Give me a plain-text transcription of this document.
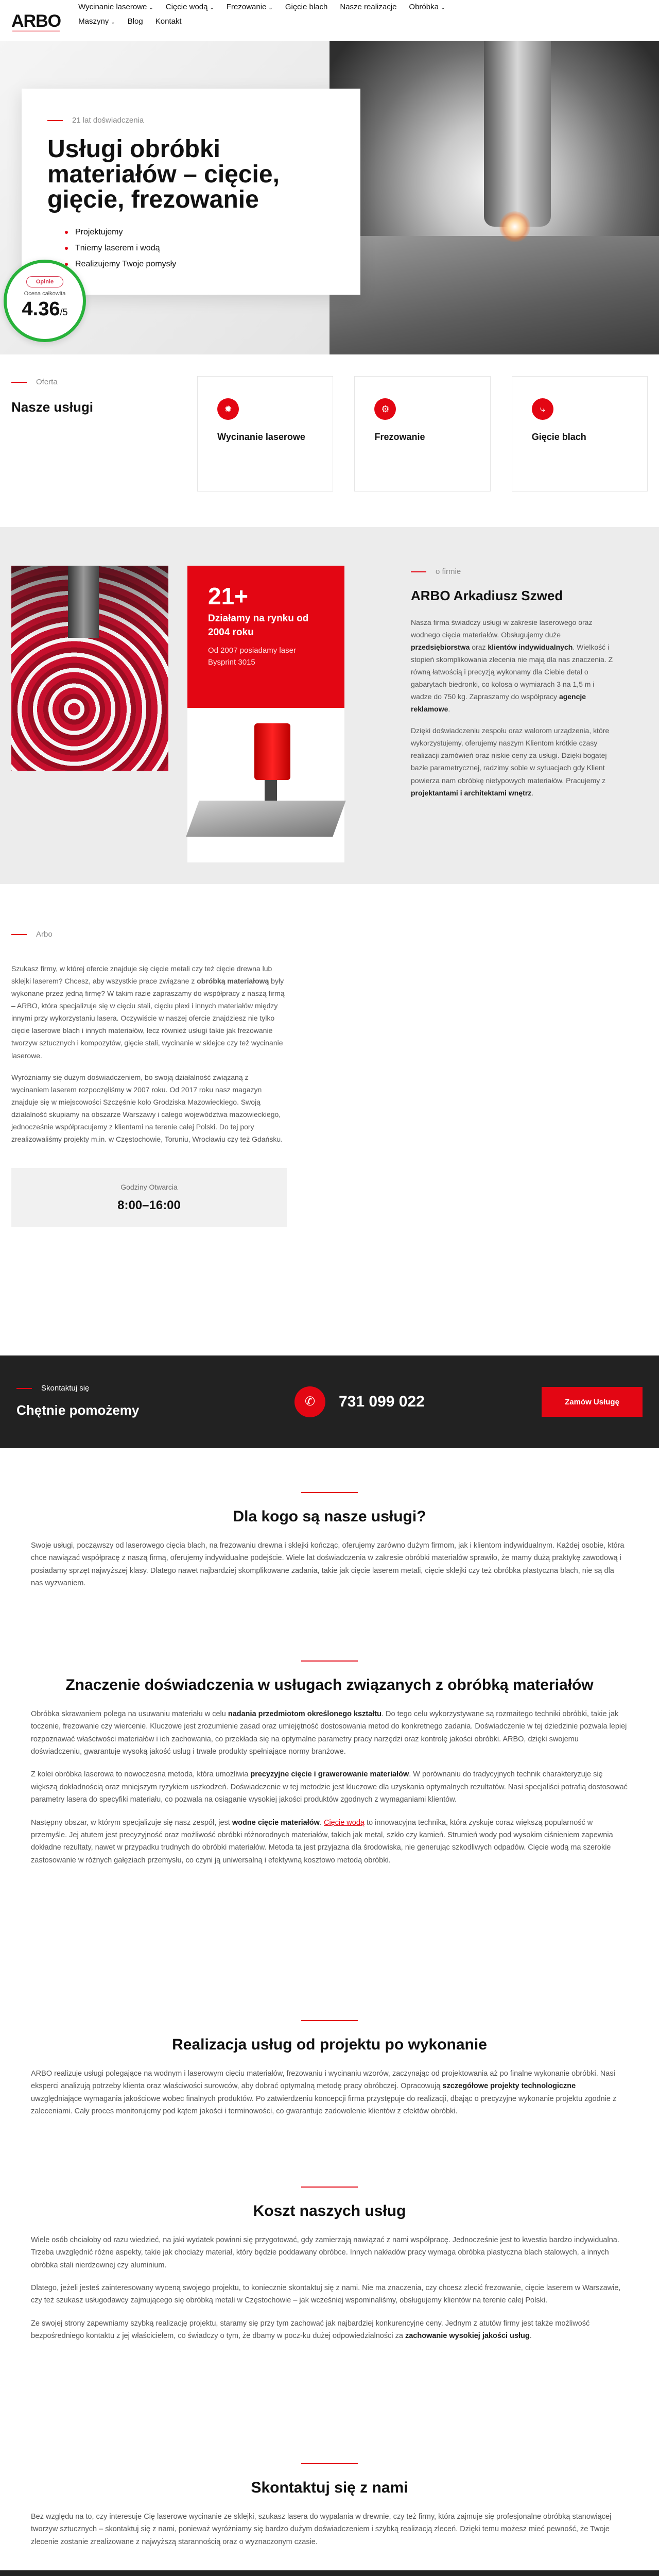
ARBO
Wycinanie laserowe ⌄	Cięcie wodą ⌄	Frezowanie ⌄	Gięcie blach	Nasze realizacje	Obróbka ⌄
Maszyny ⌄	Blog	Kontakt
21 lat doświadczenia
Usługi obróbki materiałów – cięcie, gięcie, frezowanie
Projektujemy
Tniemy laserem i wodą
Realizujemy Twoje pomysły
Opinie
Ocena całkowita
4.36/5
Oferta
Nasze usługi	✹
Wycinanie laserowe
⚙
Frezowanie
⤷
Gięcie blach
21+
Działamy na rynku od 2004 roku
Od 2007 posiadamy laser Bysprint 3015
o firmie
ARBO Arkadiusz Szwed

Nasza firma świadczy usługi w zakresie laserowego oraz wodnego cięcia materiałów. Obsługujemy duże przedsiębiorstwa oraz klientów indywidualnych. Wielkość i stopień skomplikowania zlecenia nie mają dla nas znaczenia. Z równą łatwością i precyzją wykonamy dla Ciebie detal o gabarytach biedronki, co kolosa o wymiarach 3 na 1,5 m i wadze do 750 kg. Zapraszamy do współpracy agencje reklamowe.

Dzięki doświadczeniu zespołu oraz walorom urządzenia, które wykorzystujemy, oferujemy naszym Klientom krótkie czasy realizacji zamówień oraz niskie ceny za usługi. Dzięki bogatej bazie parametrycznej, radzimy sobie w sytuacjach gdy Klient powierza nam obróbkę nietypowych materiałów. Pracujemy z projektantami i architektami wnętrz.

Arbo

Szukasz firmy, w której ofercie znajduje się cięcie metali czy też cięcie drewna lub sklejki laserem? Chcesz, aby wszystkie prace związane z obróbką materiałową były wykonane przez jedną firmę? W takim razie zapraszamy do współpracy z naszą firmą – ARBO, która specjalizuje się w cięciu stali, cięciu plexi i innych materiałów między innymi przy wykorzystaniu lasera. Oczywiście w naszej ofercie znajdziesz nie tylko cięcie laserowe blach i innych materiałów, lecz również usługi takie jak frezowanie tworzyw sztucznych i kompozytów, gięcie stali, wycinanie w sklejce czy też wycinanie laserowe.

Wyróżniamy się dużym doświadczeniem, bo swoją działalność związaną z wycinaniem laserem rozpoczęliśmy w 2007 roku. Od 2017 roku nasz magazyn znajduje się w miejscowości Szczęśnie koło Grodziska Mazowieckiego. Swoją działalność skupiamy na obszarze Warszawy i całego województwa mazowieckiego, jednocześnie współpracujemy z klientami na terenie całej Polski. Do tej pory zrealizowaliśmy projekty m.in. w Częstochowie, Toruniu, Wrocławiu czy też Gdańsku.

Godziny Otwarcia
8:00–16:00
Skontaktuj się
Chętnie pomożemy
✆	731 099 022	Zamów Usługę
Dla kogo są nasze usługi?

Swoje usługi, począwszy od laserowego cięcia blach, na frezowaniu drewna i sklejki kończąc, oferujemy zarówno dużym firmom, jak i klientom indywidualnym. Każdej osobie, która chce nawiązać współpracę z naszą firmą, oferujemy indywidualne podejście. Wiele lat doświadczenia w zakresie obróbki materiałów sprawiło, że mamy dużą praktykę zawodową i posiadamy sprzęt najwyższej klasy. Dlatego nawet najbardziej skomplikowane zadania, takie jak cięcie laserem metali, cięcie sklejki czy też obróbka plastyczna blach, nie są dla nas wyzwaniem.

Znaczenie doświadczenia w usługach związanych z obróbką materiałów

Obróbka skrawaniem polega na usuwaniu materiału w celu nadania przedmiotom określonego kształtu. Do tego celu wykorzystywane są rozmaitego techniki obróbki, takie jak toczenie, frezowanie czy wiercenie. Kluczowe jest zrozumienie zasad oraz umiejętność dostosowania metod do konkretnego zadania. Doświadczenie w tej dziedzinie pozwala lepiej rozpoznawać właściwości materiałów i ich zachowania, co przekłada się na optymalne parametry pracy narzędzi oraz kontrolę jakości obróbki. ARBO, dzięki swojemu doświadczeniu, gwarantuje wysoką jakość usług i trwałe produkty spełniające normy branżowe.

Z kolei obróbka laserowa to nowoczesna metoda, która umożliwia precyzyjne cięcie i grawerowanie materiałów. W porównaniu do tradycyjnych technik charakteryzuje się większą dokładnością oraz mniejszym ryzykiem uszkodzeń. Doświadczenie w tej metodzie jest kluczowe dla uzyskania optymalnych rezultatów. Nasi specjaliści potrafią dostosować parametry lasera do specyfiki materiału, co pozwala na osiąganie wysokiej jakości produktów zgodnych z wymaganiami klientów.

Następny obszar, w którym specjalizuje się nasz zespół, jest wodne cięcie materiałów. Cięcie wodą to innowacyjna technika, która zyskuje coraz większą popularność w przemyśle. Jej atutem jest precyzyjność oraz możliwość obróbki różnorodnych materiałów, takich jak metal, szkło czy kamień. Strumień wody pod wysokim ciśnieniem zapewnia dokładne rezultaty, nawet w przypadku trudnych do obróbki materiałów. Metoda ta jest przyjazna dla środowiska, nie generując szkodliwych odpadów. Cięcie wodą ma szerokie zastosowanie w różnych gałęziach przemysłu, co czyni ją uniwersalną i efektywną kosztowo metodą obróbki.

Realizacja usług od projektu po wykonanie

ARBO realizuje usługi polegające na wodnym i laserowym cięciu materiałów, frezowaniu i wycinaniu wzorów, zaczynając od projektowania aż po finalne wykonanie obróbki. Nasi eksperci analizują potrzeby klienta oraz właściwości surowców, aby dobrać optymalną metodę pracy obróbczej. Opracowują szczegółowe projekty technologiczne uwzględniające wymagania jakościowe wobec finalnych produktów. Po zatwierdzeniu koncepcji firma przystępuje do realizacji, dbając o precyzyjne wykonanie projektu zgodnie z zaleceniami. Cały proces monitorujemy pod kątem jakości i terminowości, co gwarantuje zadowolenie klientów z efektów obróbki.

Koszt naszych usług

Wiele osób chciałoby od razu wiedzieć, na jaki wydatek powinni się przygotować, gdy zamierzają nawiązać z nami współpracę. Jednocześnie jest to kwestia bardzo indywidualna. Trzeba uwzględnić różne aspekty, takie jak chociaży materiał, który będzie poddawany obróbce. Innych nakładów pracy wymaga obróbka plastyczna blach stalowych, a innych obróbka stali nierdzewnej czy aluminium.

Dlatego, jeżeli jesteś zainteresowany wyceną swojego projektu, to koniecznie skontaktuj się z nami. Nie ma znaczenia, czy chcesz zlecić frezowanie, cięcie laserem w Warszawie, czy też szukasz usługodawcy zajmującego się obróbką metali w Częstochowie – jak wcześniej wspominaliśmy, obsługujemy klientów na terenie całej Polski.

Ze swojej strony zapewniamy szybką realizację projektu, staramy się przy tym zachować jak najbardziej konkurencyjne ceny. Jednym z atutów firmy jest także możliwość bezpośredniego kontaktu z jej właścicielem, co świadczy o tym, że dbamy w pocz-ku dużej odpowiedzialności za zachowanie wysokiej jakości usług.

Skontaktuj się z nami

Bez względu na to, czy interesuje Cię laserowe wycinanie ze sklejki, szukasz lasera do wypalania w drewnie, czy też firmy, która zajmuje się profesjonalne obróbką stanowiącej tworzyw sztucznych – skontaktuj się z nami, ponieważ wyróżniamy się bardzo dużym doświadczeniem i szybką realizacją zleceń. Dzięki temu możesz mieć pewność, że Twoje zlecenie zostanie zrealizowane z najwyższą starannością oraz o wyznaczonym czasie.
